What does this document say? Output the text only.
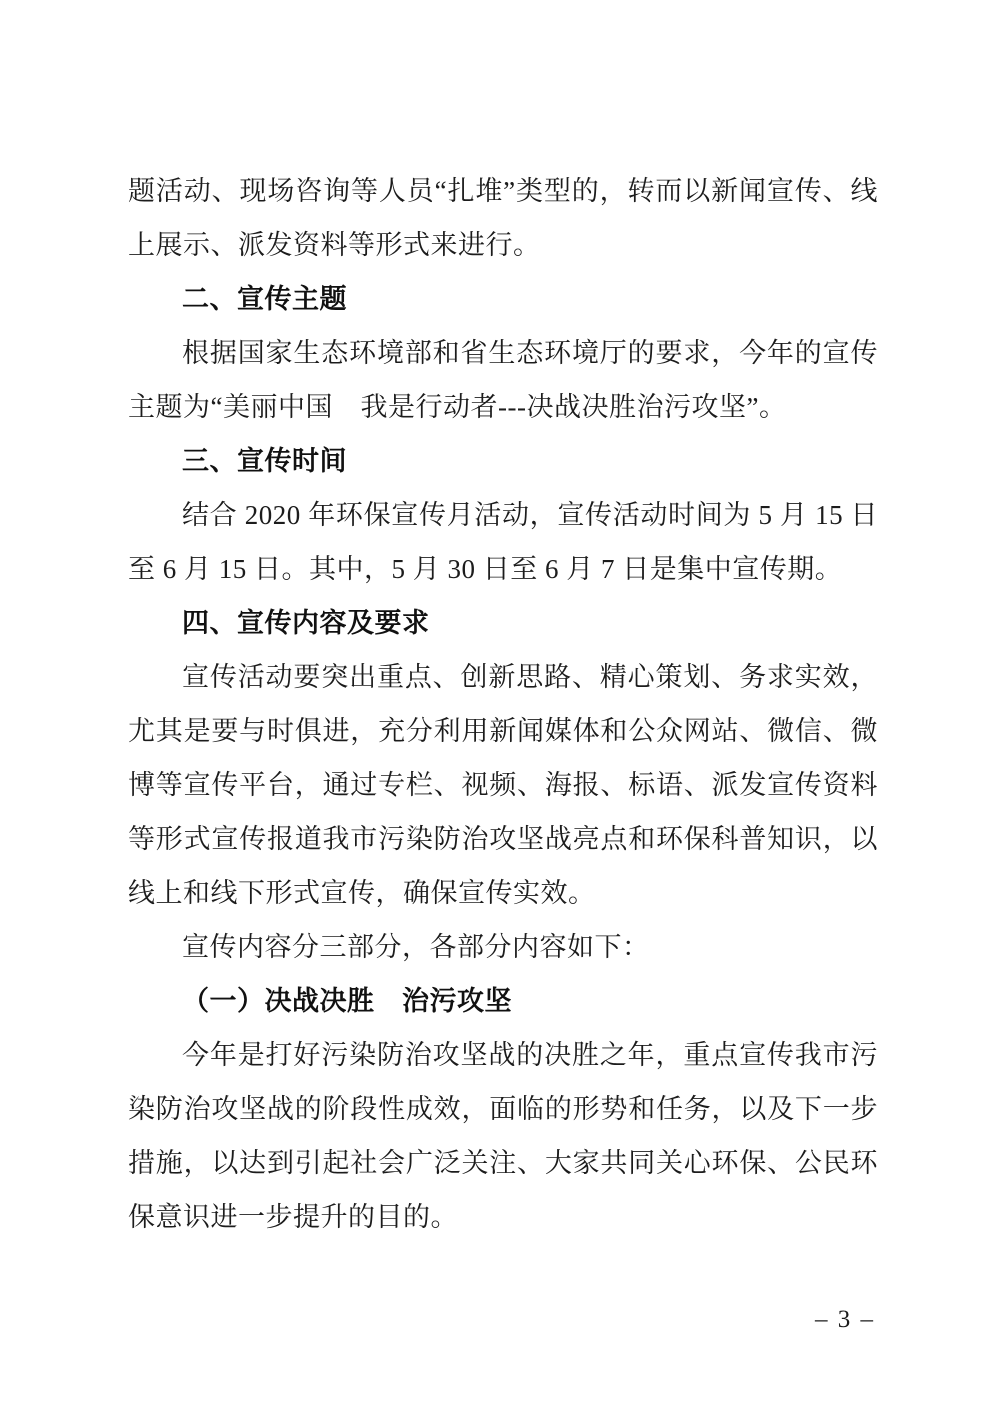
题活动、现场咨询等人员“扎堆”类型的，转而以新闻宣传、线上展示、派发资料等形式来进行。

二、宣传主题

根据国家生态环境部和省生态环境厅的要求，今年的宣传主题为“美丽中国　我是行动者---决战决胜治污攻坚”。

三、宣传时间

结合 2020 年环保宣传月活动，宣传活动时间为 5 月 15 日至 6 月 15 日。其中，5 月 30 日至 6 月 7 日是集中宣传期。

四、宣传内容及要求

宣传活动要突出重点、创新思路、精心策划、务求实效，尤其是要与时俱进，充分利用新闻媒体和公众网站、微信、微博等宣传平台，通过专栏、视频、海报、标语、派发宣传资料等形式宣传报道我市污染防治攻坚战亮点和环保科普知识，以线上和线下形式宣传，确保宣传实效。

宣传内容分三部分，各部分内容如下：

（一）决战决胜　治污攻坚

今年是打好污染防治攻坚战的决胜之年，重点宣传我市污染防治攻坚战的阶段性成效，面临的形势和任务，以及下一步措施，以达到引起社会广泛关注、大家共同关心环保、公民环保意识进一步提升的目的。

– 3 –
